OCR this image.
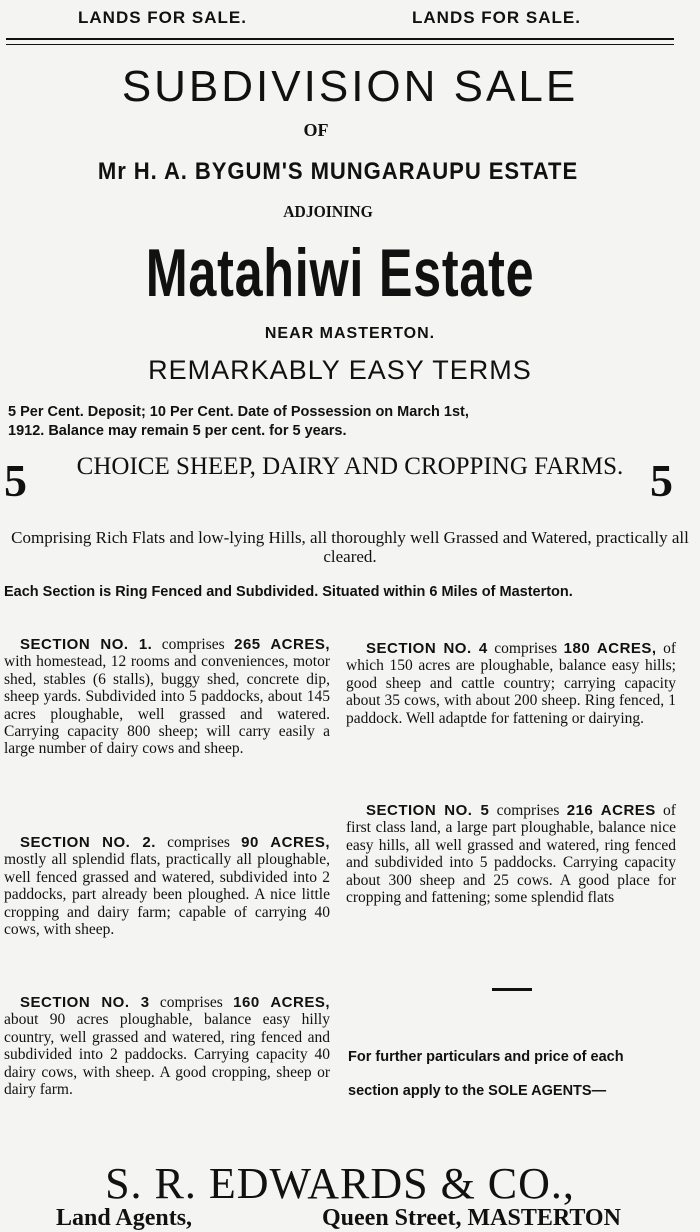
LANDS FOR SALE.	LANDS FOR SALE.
SUBDIVISION SALE
OF
Mr H. A. BYGUM'S MUNGARAUPU ESTATE
ADJOINING
Matahiwi Estate
NEAR MASTERTON.
REMARKABLY EASY TERMS
5 Per Cent. Deposit; 10 Per Cent. Date of Possession on March 1st,
1912. Balance may remain 5 per cent. for 5 years.
5	CHOICE SHEEP, DAIRY AND CROPPING FARMS. 5
Comprising Rich Flats and low-lying Hills, all thoroughly well Grassed and Watered, practically all cleared.
Each Section is Ring Fenced and Subdivided. Situated within 6 Miles of Masterton.
SECTION NO. 1. comprises 265 ACRES, with homestead, 12 rooms and conveniences, motor shed, stables (6 stalls), buggy shed, concrete dip, sheep yards. Subdivided into 5 paddocks, about 145 acres ploughable, well grassed and watered. Carrying capacity 800 sheep; will carry easily a large number of dairy cows and sheep.
SECTION NO. 2. comprises 90 ACRES, mostly all splendid flats, practically all ploughable, well fenced grassed and watered, subdivided into 2 paddocks, part already been ploughed. A nice little cropping and dairy farm; capable of carrying 40 cows, with sheep.
SECTION NO. 3 comprises 160 ACRES, about 90 acres ploughable, balance easy hilly country, well grassed and watered, ring fenced and subdivided into 2 paddocks. Carrying capacity 40 dairy cows, with sheep. A good cropping, sheep or dairy farm.
SECTION NO. 4 comprises 180 ACRES, of which 150 acres are ploughable, balance easy hills; good sheep and cattle country; carrying capacity about 35 cows, with about 200 sheep. Ring fenced, 1 paddock. Well adaptde for fattening or dairying.
SECTION NO. 5 comprises 216 ACRES of first class land, a large part ploughable, balance nice easy hills, all well grassed and watered, ring fenced and subdivided into 5 paddocks. Carrying capacity about 300 sheep and 25 cows. A good place for cropping and fattening; some splendid flats
For further particulars and price of each section apply to the SOLE AGENTS—
S. R. EDWARDS & CO.,
Land Agents,	Queen Street, MASTERTON
